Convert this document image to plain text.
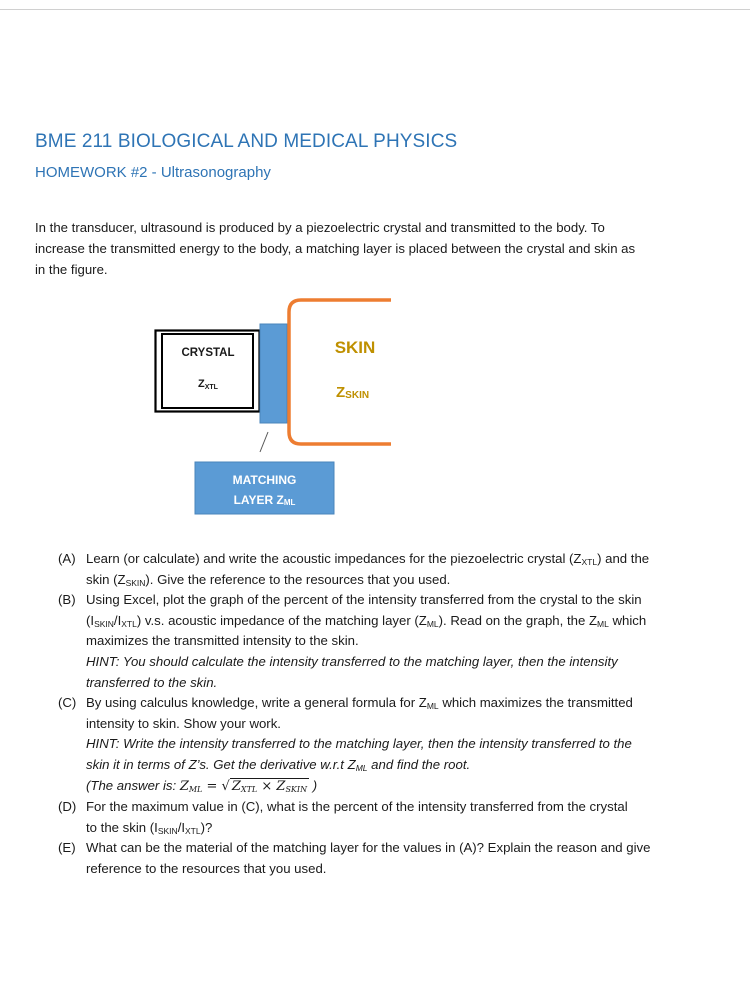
BME 211 BIOLOGICAL AND MEDICAL PHYSICS
HOMEWORK #2 - Ultrasonography

In the transducer, ultrasound is produced by a piezoelectric crystal and transmitted to the body. To

increase the transmitted energy to the body, a matching layer is placed between the crystal and skin as

in the figure.

CRYSTAL
ZXTL
SKIN
ZSKIN
MATCHING
LAYER ZML
(A) Learn (or calculate) and write the acoustic impedances for the piezoelectric crystal $(Z_{XTL})$ and the
skin $(Z_{SKIN})$. Give the reference to the resources that you used.
(B) Using Excel, plot the graph of the percent of the intensity transferred from the crystal to the skin
$(I_{SKIN}/I_{XTL})$ v.s. acoustic impedance of the matching layer $(Z_{ML})$. Read on the graph, the $Z_{ML}$ which
maximizes the transmitted intensity to the skin.
HINT: You should calculate the intensity transferred to the matching layer, then the intensity
transferred to the skin.
(C) By using calculus knowledge, write a general formula for $Z_{ML}$ which maximizes the transmitted
intensity to skin. Show your work.
HINT: Write the intensity transferred to the matching layer, then the intensity transferred to the
skin it in terms of Z’s. Get the derivative w.r.t $Z_{ML}$ and find the root.
(The answer is: $Z_{ML}$ = √ $Z_{XTL} \times Z_{SKIN}$ )
(D) For the maximum value in (C), what is the percent of the intensity transferred from the crystal
to the skin $(I_{SKIN}/I_{XTL})$?
(E) What can be the material of the matching layer for the values in (A)? Explain the reason and give
reference to the resources that you used.
